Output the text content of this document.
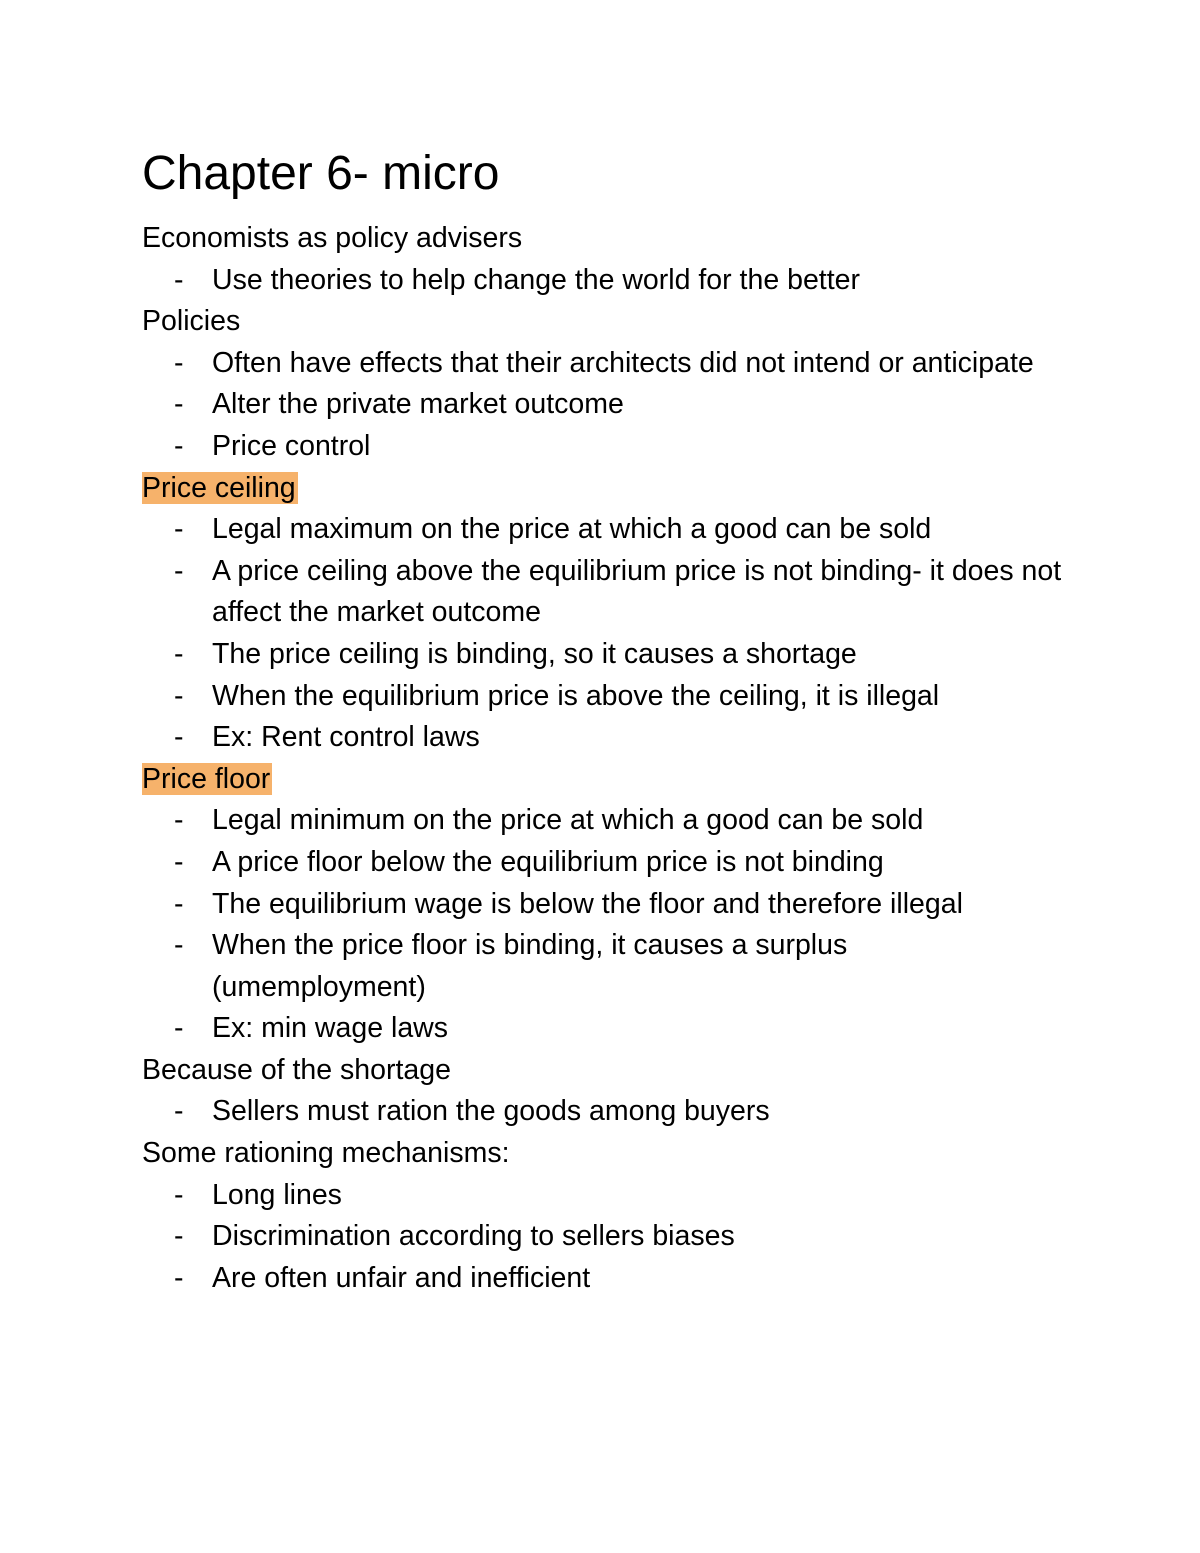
Chapter 6- micro
Economists as policy advisers
- Use theories to help change the world for the better
Policies
- Often have effects that their architects did not intend or anticipate
- Alter the private market outcome
- Price control
Price ceiling
- Legal maximum on the price at which a good can be sold
- A price ceiling above the equilibrium price is not binding- it does not affect the market outcome
- The price ceiling is binding, so it causes a shortage
- When the equilibrium price is above the ceiling, it is illegal
- Ex: Rent control laws
Price floor
- Legal minimum on the price at which a good can be sold
- A price floor below the equilibrium price is not binding
- The equilibrium wage is below the floor and therefore illegal
- When the price floor is binding, it causes a surplus (umemployment)
- Ex: min wage laws
Because of the shortage
- Sellers must ration the goods among buyers
Some rationing mechanisms:
- Long lines
- Discrimination according to sellers biases
- Are often unfair and inefficient
